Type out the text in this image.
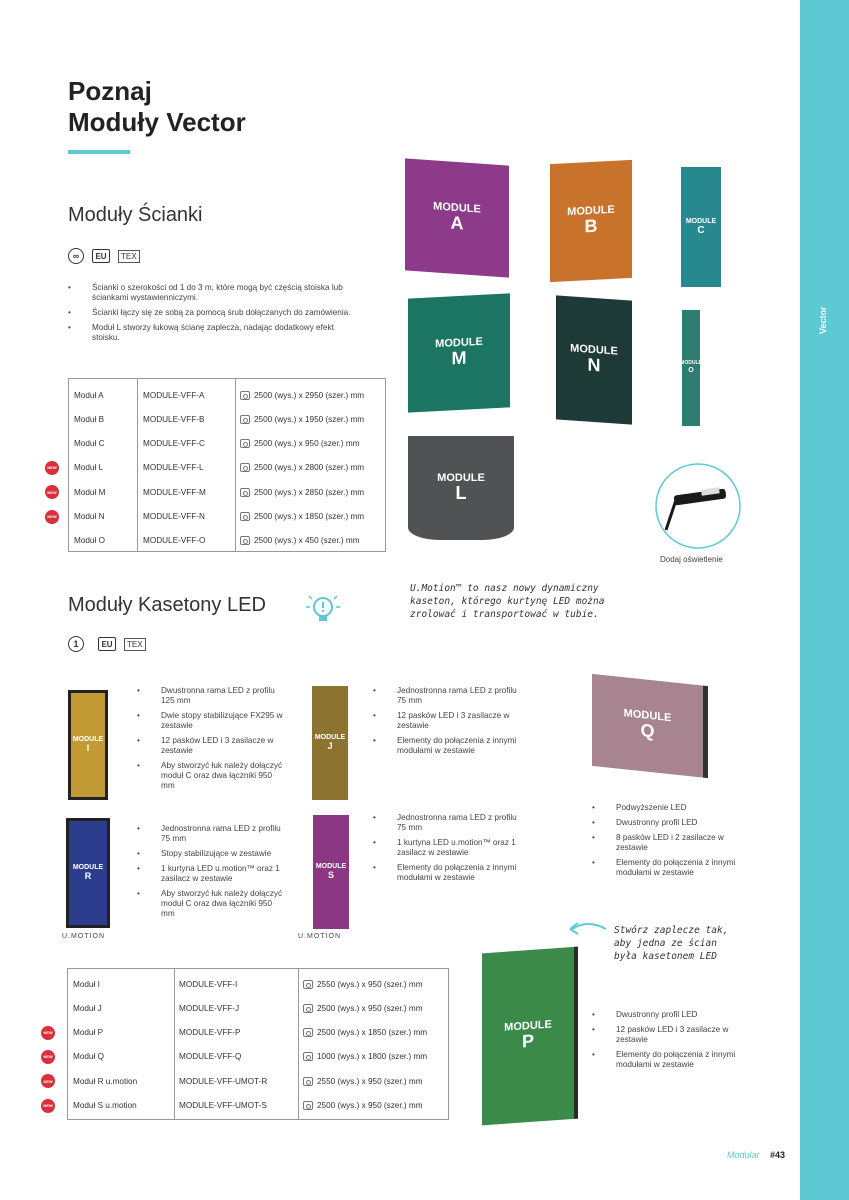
Vector
Poznaj
Moduły Vector
Moduły Ścianki
∞	EU	TEX
• Ścianki o szerokości od 1 do 3 m, które mogą być częścią stoiska lub ściankami wystawienniczymi.
• Ścianki łączy się ze sobą za pomocą śrub dołączanych do zamówienia.
• Moduł L stworzy łukową ścianę zaplecza, nadając dodatkowy efekt stoisku.
Moduł A	MODULE-VFF-A	2500 (wys.) x 2950 (szer.) mm
Moduł B	MODULE-VFF-B	2500 (wys.) x 1950 (szer.) mm
Moduł C	MODULE-VFF-C	2500 (wys.) x 950 (szer.) mm
Moduł L	MODULE-VFF-L	2500 (wys.) x 2800 (szer.) mm
Moduł M	MODULE-VFF-M	2500 (wys.) x 2850 (szer.) mm
Moduł N	MODULE-VFF-N	2500 (wys.) x 1850 (szer.) mm
Moduł O	MODULE-VFF-O	2500 (wys.) x 450 (szer.) mm
MODULE
A
MODULE
B	MODULE
C
MODULE
M	MODULE
N	MODULE
O
MODULE
L
Dodaj oświetlenie
Moduły Kasetony LED
U.Motion™ to nasz nowy dynamiczny
kaseton, którego kurtynę LED można
zrolować i transportować w tubie.
1	EU	TEX
MODULE
I
• Dwustronna rama LED z profilu 125 mm
• Dwie stopy stabilizujące FX295 w zestawie
• 12 pasków LED i 3 zasilacze w zestawie
• Aby stworzyć łuk należy dołączyć moduł C oraz dwa łączniki 950 mm
MODULE
J
• Jednostronna rama LED z profilu 75 mm
• 12 pasków LED i 3 zasilacze w zestawie
• Elementy do połączenia z innymi modułami w zestawie
MODULE
Q
• Podwyższenie LED
• Dwustronny profil LED
• 8 pasków LED i 2 zasilacze w zestawie
• Elementy do połączenia z innymi modułami w zestawie
MODULE
R
U.MOTION
• Jednostronna rama LED z profilu 75 mm
• Stopy stabilizujące w zestawie
• 1 kurtyna LED u.motion™ oraz 1 zasilacz w zestawie
• Aby stworzyć łuk należy dołączyć moduł C oraz dwa łączniki 950 mm
MODULE
S
U.MOTION
• Jednostronna rama LED z profilu 75 mm
• 1 kurtyna LED u.motion™ oraz 1 zasilacz w zestawie
• Elementy do połączenia z innymi modułami w zestawie
Stwórz zaplecze tak,
aby jedna ze ścian
była kasetonem LED
MODULE
P
• Dwustronny profil LED
• 12 pasków LED i 3 zasilacze w zestawie
• Elementy do połączenia z innymi modułami w zestawie
Moduł I	MODULE-VFF-I	2550 (wys.) x 950 (szer.) mm
Moduł J	MODULE-VFF-J	2500 (wys.) x 950 (szer.) mm
Moduł P	MODULE-VFF-P	2500 (wys.) x 1850 (szer.) mm
Moduł Q	MODULE-VFF-Q	1000 (wys.) x 1800 (szer.) mm
Moduł R u.motion	MODULE-VFF-UMOT-R	2550 (wys.) x 950 (szer.) mm
Moduł S u.motion	MODULE-VFF-UMOT-S	2500 (wys.) x 950 (szer.) mm
Modular #43
NEW
NEW
NEW
NEW
NEW
NEW
NEW
